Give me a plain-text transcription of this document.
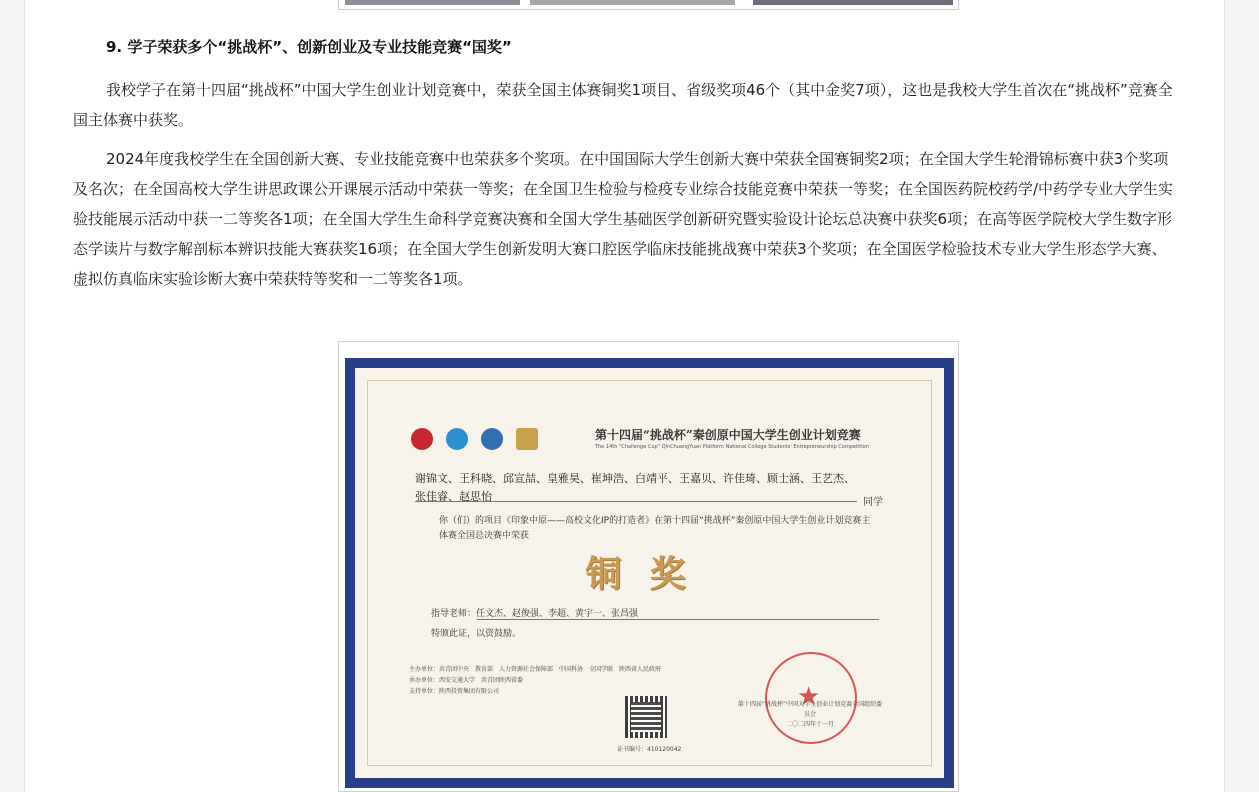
9. 学子荣获多个“挑战杯”、创新创业及专业技能竞赛“国奖”

我校学子在第十四届“挑战杯”中国大学生创业计划竞赛中，荣获全国主体赛铜奖1项目、省级奖项46个（其中金奖7项），这也是我校大学生首次在“挑战杯”竞赛全国主体赛中获奖。

2024年度我校学生在全国创新大赛、专业技能竞赛中也荣获多个奖项。在中国国际大学生创新大赛中荣获全国赛铜奖2项；在全国大学生轮滑锦标赛中获3个奖项及名次；在全国高校大学生讲思政课公开课展示活动中荣获一等奖；在全国卫生检验与检疫专业综合技能竞赛中荣获一等奖；在全国医药院校药学/中药学专业大学生实验技能展示活动中获一二等奖各1项；在全国大学生生命科学竞赛决赛和全国大学生基础医学创新研究暨实验设计论坛总决赛中获奖6项；在高等医学院校大学生数字形态学读片与数字解剖标本辨识技能大赛获奖16项；在全国大学生创新发明大赛口腔医学临床技能挑战赛中荣获3个奖项；在全国医学检验技术专业大学生形态学大赛、虚拟仿真临床实验诊断大赛中荣获特等奖和一二等奖各1项。

第十四届“挑战杯”秦创原中国大学生创业计划竞赛
The 14th "Challenge Cup" QinChuangYuan Platform National College Students' Entrepreneurship Competition
谢锦文、王科晓、邱宣喆、皇雅昊、崔坤浩、白靖平、王嘉贝、许佳琦、顾士涵、王艺杰、张佳睿、赵思怡	同学
你（们）的项目《印象中原——高校文化IP的打造者》在第十四届“挑战杯”秦创原中国大学生创业计划竞赛主体赛全国总决赛中荣获
铜奖
指导老师：任文杰、赵俊强、李超、黄宇一、张昌强
特颁此证，以资鼓励。
主办单位：共青团中央　教育部　人力资源社会保障部　中国科协　全国学联　陕西省人民政府
承办单位：西安交通大学　共青团陕西省委
支持单位：陕西投资集团有限公司
证书编号：410120042
★
第十四届“挑战杯”中国大学生创业计划竞赛全国组织委员会
二〇二四年十一月
